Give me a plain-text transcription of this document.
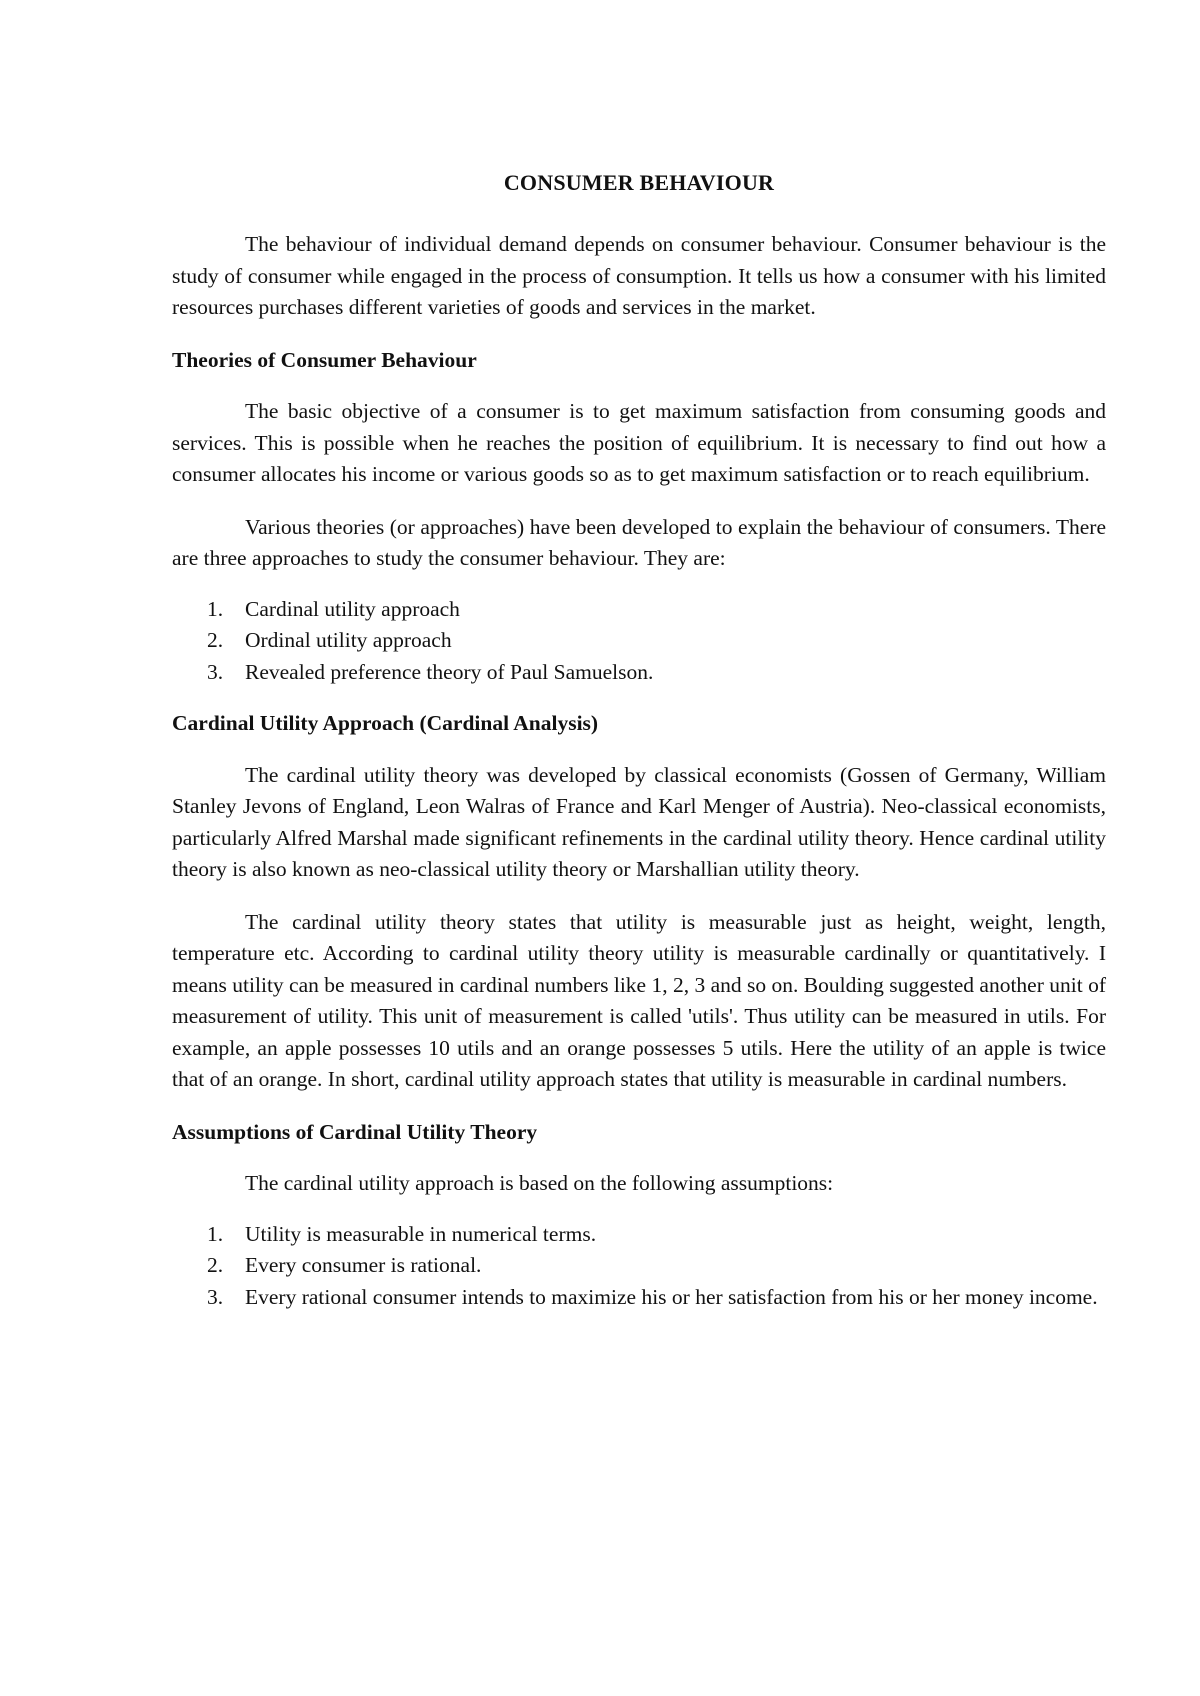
CONSUMER BEHAVIOUR

The behaviour of individual demand depends on consumer behaviour. Consumer behaviour is the study of consumer while engaged in the process of consumption. It tells us how a consumer with his limited resources purchases different varieties of goods and services in the market.

Theories of Consumer Behaviour

The basic objective of a consumer is to get maximum satisfaction from consuming goods and services. This is possible when he reaches the position of equilibrium. It is necessary to find out how a consumer allocates his income or various goods so as to get maximum satisfaction or to reach equilibrium.

Various theories (or approaches) have been developed to explain the behaviour of consumers. There are three approaches to study the consumer behaviour. They are:

1. Cardinal utility approach
2. Ordinal utility approach
3. Revealed preference theory of Paul Samuelson.
Cardinal Utility Approach (Cardinal Analysis)

The cardinal utility theory was developed by classical economists (Gossen of Germany, William Stanley Jevons of England, Leon Walras of France and Karl Menger of Austria). Neo-classical economists, particularly Alfred Marshal made significant refinements in the cardinal utility theory. Hence cardinal utility theory is also known as neo-classical utility theory or Marshallian utility theory.

The cardinal utility theory states that utility is measurable just as height, weight, length, temperature etc. According to cardinal utility theory utility is measurable cardinally or quantitatively. I means utility can be measured in cardinal numbers like 1, 2, 3 and so on. Boulding suggested another unit of measurement of utility. This unit of measurement is called 'utils'. Thus utility can be measured in utils. For example, an apple possesses 10 utils and an orange possesses 5 utils. Here the utility of an apple is twice that of an orange. In short, cardinal utility approach states that utility is measurable in cardinal numbers.

Assumptions of Cardinal Utility Theory

The cardinal utility approach is based on the following assumptions:

1. Utility is measurable in numerical terms.
2. Every consumer is rational.
3. Every rational consumer intends to maximize his or her satisfaction from his or her money income.
